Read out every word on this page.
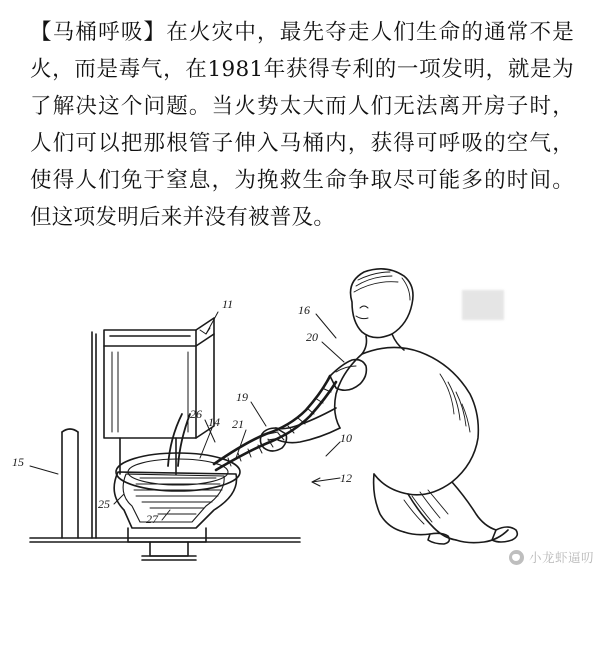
【马桶呼吸】在火灾中，最先夺走人们生命的通常不是火，而是毒气，在1981年获得专利的一项发明，就是为了解决这个问题。当火势太大而人们无法离开房子时，人们可以把那根管子伸入马桶内，获得可呼吸的空气，使得人们免于窒息，为挽救生命争取尽可能多的时间。但这项发明后来并没有被普及。
11	16
20
19
26
14 21
10
12
15
25
27
小龙虾逼叨
